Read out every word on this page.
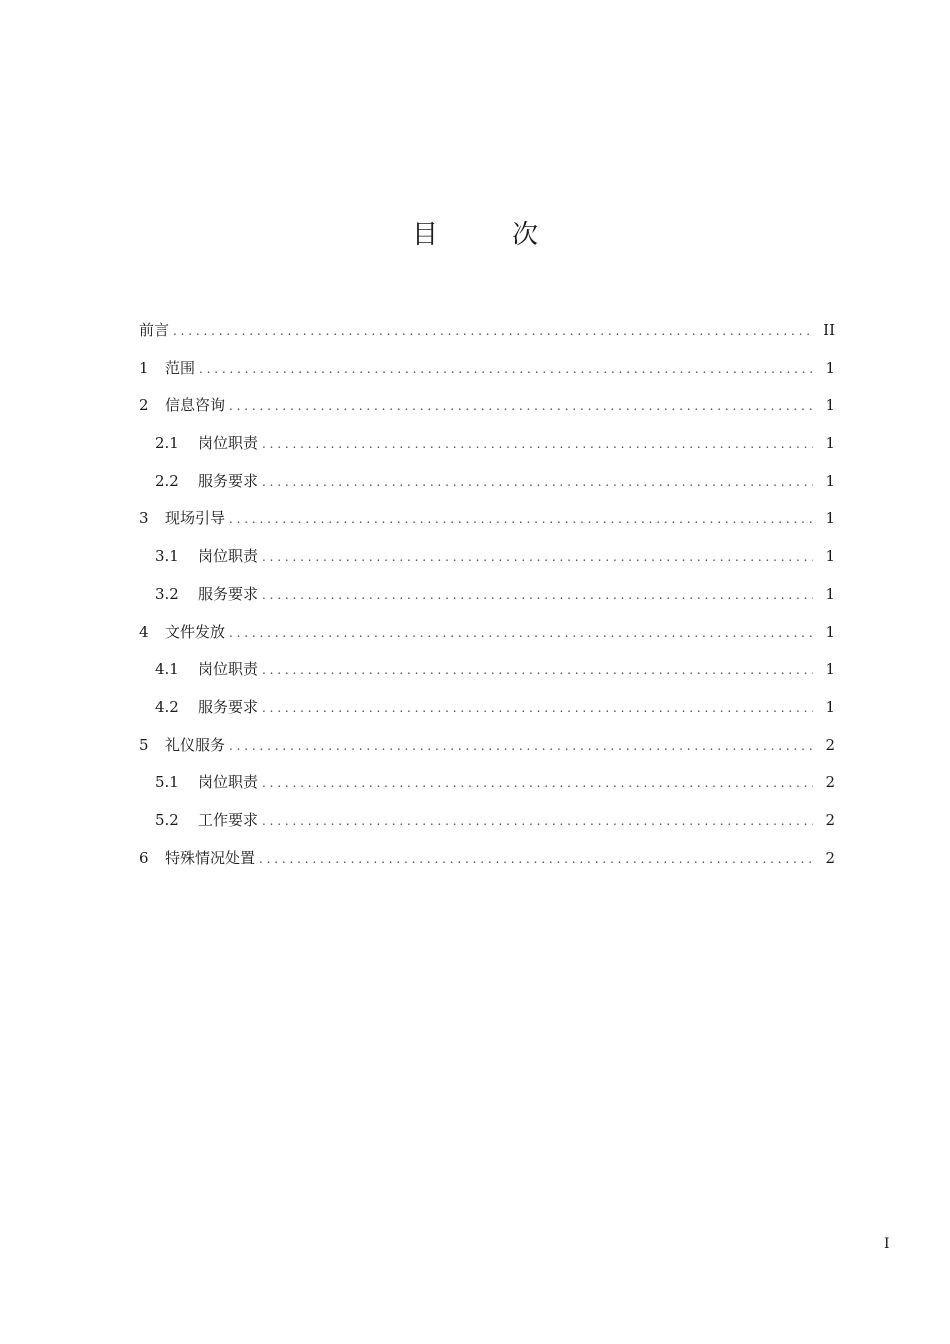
目　次
前言 . . .	II
1	范围 . . .	1
2	信息咨询 . . .	1
2.1	岗位职责 . . .	1
2.2	服务要求 . . .	1
3	现场引导 . . .	1
3.1	岗位职责 . . .	1
3.2	服务要求 . . .	1
4	文件发放 . . .	1
4.1	岗位职责 . . .	1
4.2	服务要求 . . .	1
5	礼仪服务 . . .	2
5.1	岗位职责 . . .	2
5.2	工作要求 . . .	2
6	特殊情况处置 . . .	2
I
